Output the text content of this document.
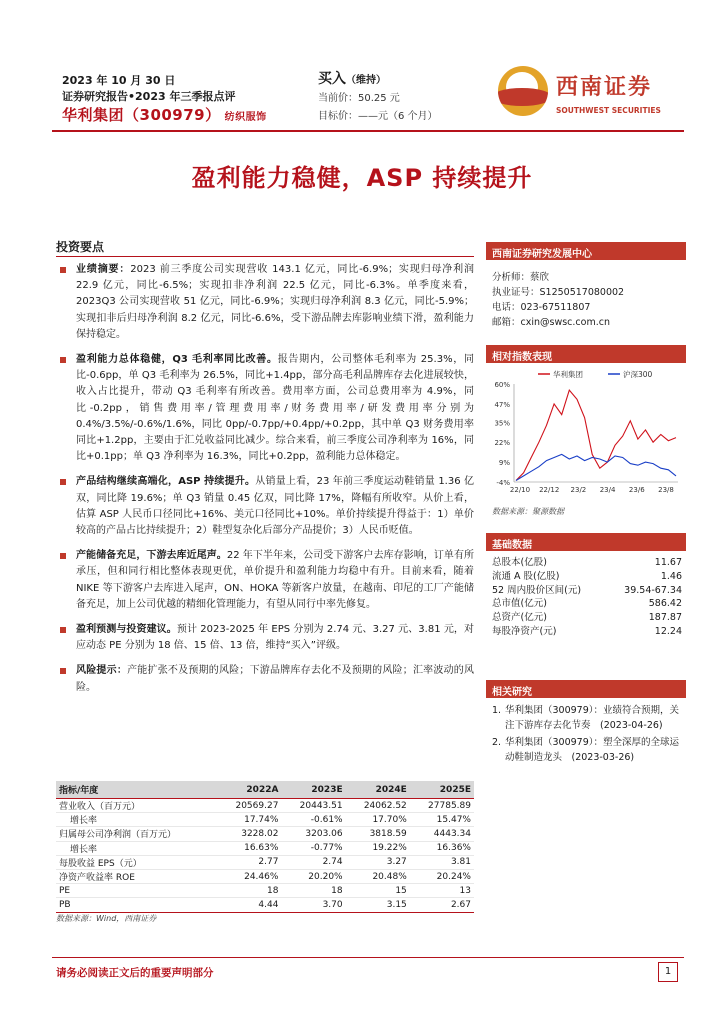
2023 年 10 月 30 日
证券研究报告•2023 年三季报点评
华利集团（300979） 纺织服饰
买入（维持）
当前价：50.25 元
目标价：——元（6 个月）
西南证券
SOUTHWEST SECURITIES
盈利能力稳健，ASP 持续提升
投资要点
业绩摘要：2023 前三季度公司实现营收 143.1 亿元，同比-6.9%；实现归母净利润 22.9 亿元，同比-6.5%；实现扣非净利润 22.5 亿元，同比-6.3%。单季度来看，2023Q3 公司实现营收 51 亿元，同比-6.9%；实现归母净利润 8.3 亿元，同比-5.9%；实现扣非后归母净利润 8.2 亿元，同比-6.6%，受下游品牌去库影响业绩下滑，盈利能力保持稳定。
盈利能力总体稳健，Q3 毛利率同比改善。报告期内，公司整体毛利率为 25.3%，同比-0.6pp，单 Q3 毛利率为 26.5%，同比+1.4pp，部分高毛利品牌库存去化进展较快，收入占比提升，带动 Q3 毛利率有所改善。费用率方面，公司总费用率为 4.9%，同比-0.2pp，销售费用率/管理费用率/财务费用率/研发费用率分别为 0.4%/3.5%/-0.6%/1.6%，同比 0pp/-0.7pp/+0.4pp/+0.2pp，其中单 Q3 财务费用率同比+1.2pp，主要由于汇兑收益同比减少。综合来看，前三季度公司净利率为 16%，同比+0.1pp；单 Q3 净利率为 16.3%，同比+0.2pp，盈利能力总体稳定。
产品结构继续高端化，ASP 持续提升。从销量上看，23 年前三季度运动鞋销量 1.36 亿双，同比降 19.6%；单 Q3 销量 0.45 亿双，同比降 17%，降幅有所收窄。从价上看，估算 ASP 人民币口径同比+16%、美元口径同比+10%。单价持续提升得益于：1）单价较高的产品占比持续提升；2）鞋型复杂化后部分产品提价；3）人民币贬值。
产能储备充足，下游去库近尾声。22 年下半年来，公司受下游客户去库存影响，订单有所承压，但和同行相比整体表现更优，单价提升和盈利能力均稳中有升。目前来看，随着 NIKE 等下游客户去库进入尾声，ON、HOKA 等新客户放量，在越南、印尼的工厂产能储备充足，加上公司优越的精细化管理能力，有望从同行中率先修复。
盈利预测与投资建议。预计 2023-2025 年 EPS 分别为 2.74 元、3.27 元、3.81 元，对应动态 PE 分别为 18 倍、15 倍、13 倍，维持“买入”评级。
风险提示：产能扩张不及预期的风险；下游品牌库存去化不及预期的风险；汇率波动的风险。
指标/年度	2022A	2023E	2024E	2025E
营业收入（百万元）	20569.27	20443.51	24062.52	27785.89
增长率	17.74%	-0.61%	17.70%	15.47%
归属母公司净利润（百万元）	3228.02	3203.06	3818.59	4443.34
增长率	16.63%	-0.77%	19.22%	16.36%
每股收益 EPS（元）	2.77	2.74	3.27	3.81
净资产收益率 ROE	24.46%	20.20%	20.48%	20.24%
PE	18	18	15	13
PB	4.44	3.70	3.15	2.67
数据来源：Wind，西南证券
西南证券研究发展中心
分析师：蔡欣
执业证号：S1250517080002
电话：023-67511807
邮箱：cxin@swsc.com.cn
相对指数表现
60%
47%
35%
22%
9%
-4%
22/10 22/12 23/2 23/4 23/6 23/8
华利集团	沪深300
数据来源：聚源数据
基础数据
总股本(亿股)	11.67
流通 A 股(亿股)	1.46
52 周内股价区间(元)	39.54-67.34
总市值(亿元)	586.42
总资产(亿元)	187.87
每股净资产(元)	12.24
相关研究
1. 华利集团（300979）：业绩符合预期，关注下游库存去化节奏　(2023-04-26)
2. 华利集团（300979）：塑全深厚的全球运动鞋制造龙头　(2023-03-26)
请务必阅读正文后的重要声明部分	1
